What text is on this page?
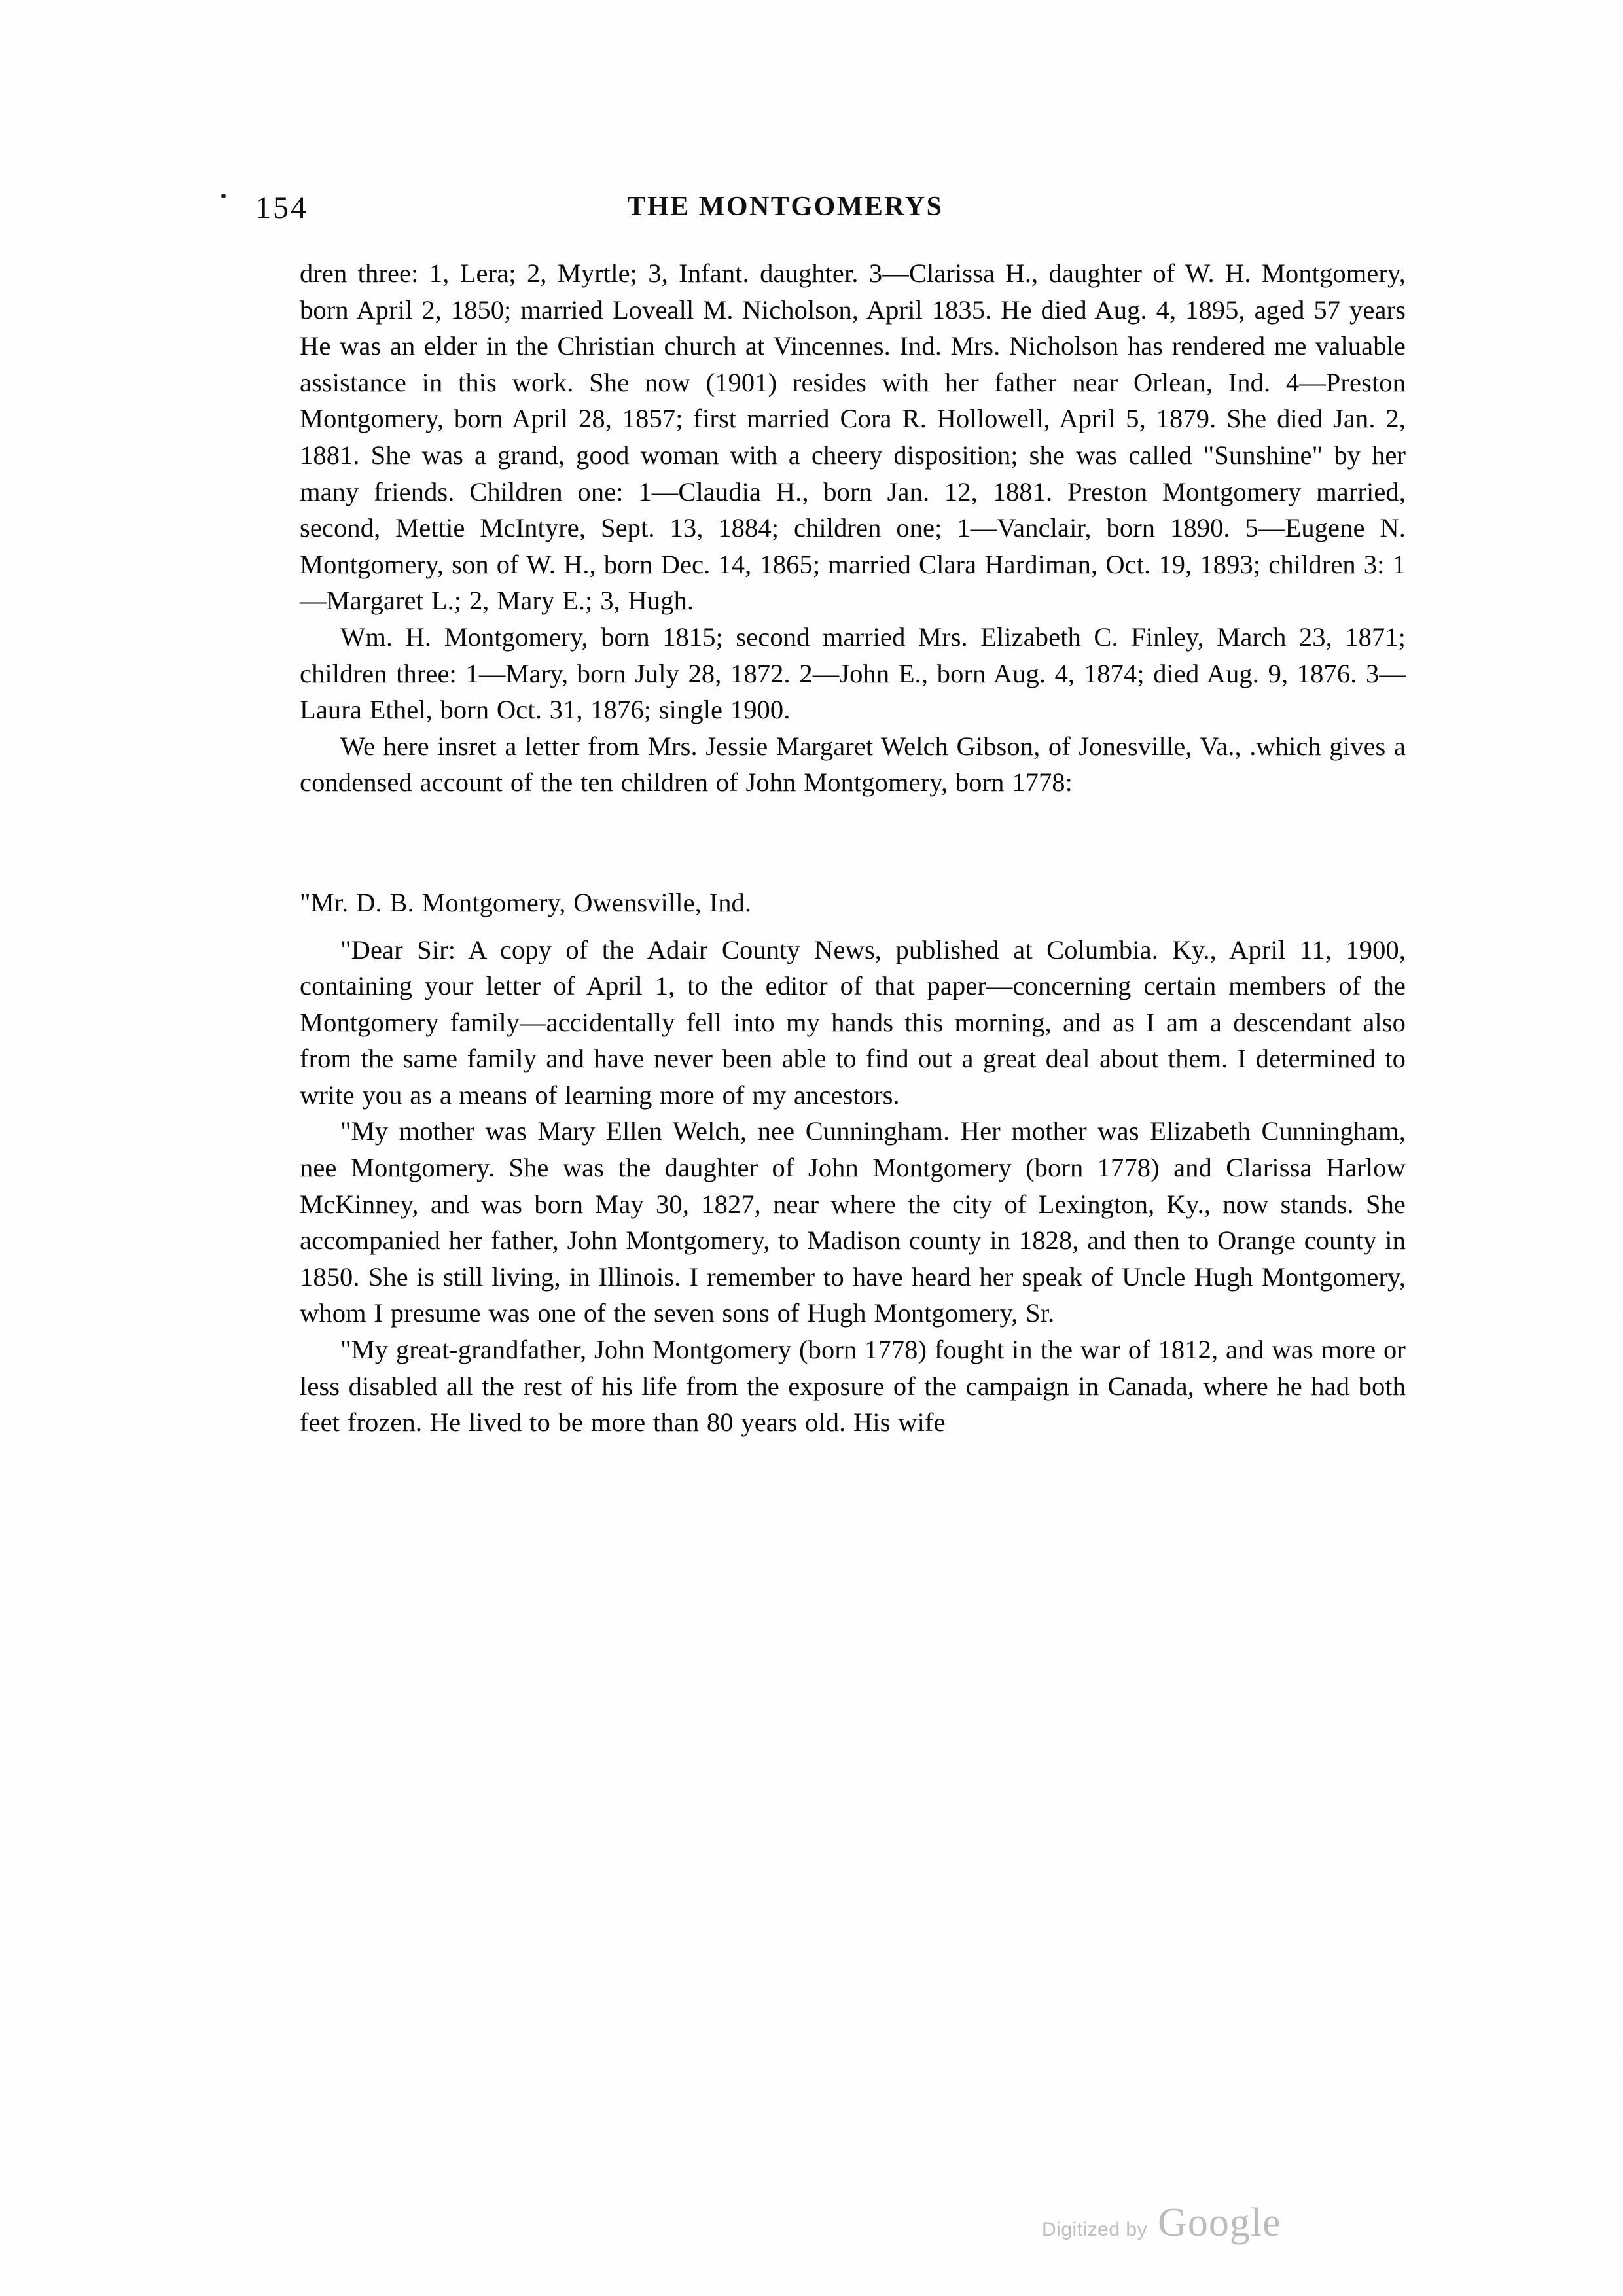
154	THE MONTGOMERYS

dren three: 1, Lera; 2, Myrtle; 3, Infant. daughter. 3—Clarissa H., daughter of W. H. Montgomery, born April 2, 1850; married Loveall M. Nicholson, April 1835. He died Aug. 4, 1895, aged 57 years He was an elder in the Christian church at Vincennes. Ind. Mrs. Nicholson has rendered me valuable assistance in this work. She now (1901) resides with her father near Orlean, Ind. 4—Preston Montgomery, born April 28, 1857; first married Cora R. Hollowell, April 5, 1879. She died Jan. 2, 1881. She was a grand, good woman with a cheery disposition; she was called "Sunshine" by her many friends. Children one: 1—Claudia H., born Jan. 12, 1881. Preston Montgomery married, second, Mettie McIntyre, Sept. 13, 1884; children one; 1—Vanclair, born 1890. 5—Eugene N. Montgomery, son of W. H., born Dec. 14, 1865; married Clara Hardiman, Oct. 19, 1893; children 3: 1—Margaret L.; 2, Mary E.; 3, Hugh.

Wm. H. Montgomery, born 1815; second married Mrs. Elizabeth C. Finley, March 23, 1871; children three: 1—Mary, born July 28, 1872. 2—John E., born Aug. 4, 1874; died Aug. 9, 1876. 3—Laura Ethel, born Oct. 31, 1876; single 1900.

We here insret a letter from Mrs. Jessie Margaret Welch Gibson, of Jonesville, Va., .which gives a condensed account of the ten children of John Montgomery, born 1778:

"Mr. D. B. Montgomery, Owensville, Ind.

"Dear Sir: A copy of the Adair County News, published at Columbia. Ky., April 11, 1900, containing your letter of April 1, to the editor of that paper—concerning certain members of the Montgomery family—accidentally fell into my hands this morning, and as I am a descendant also from the same family and have never been able to find out a great deal about them. I determined to write you as a means of learning more of my ancestors.

"My mother was Mary Ellen Welch, nee Cunningham. Her mother was Elizabeth Cunningham, nee Montgomery. She was the daughter of John Montgomery (born 1778) and Clarissa Harlow McKinney, and was born May 30, 1827, near where the city of Lexington, Ky., now stands. She accompanied her father, John Montgomery, to Madison county in 1828, and then to Orange county in 1850. She is still living, in Illinois. I remember to have heard her speak of Uncle Hugh Montgomery, whom I presume was one of the seven sons of Hugh Montgomery, Sr.

"My great-grandfather, John Montgomery (born 1778) fought in the war of 1812, and was more or less disabled all the rest of his life from the exposure of the campaign in Canada, where he had both feet frozen. He lived to be more than 80 years old. His wife

Digitized by Google
